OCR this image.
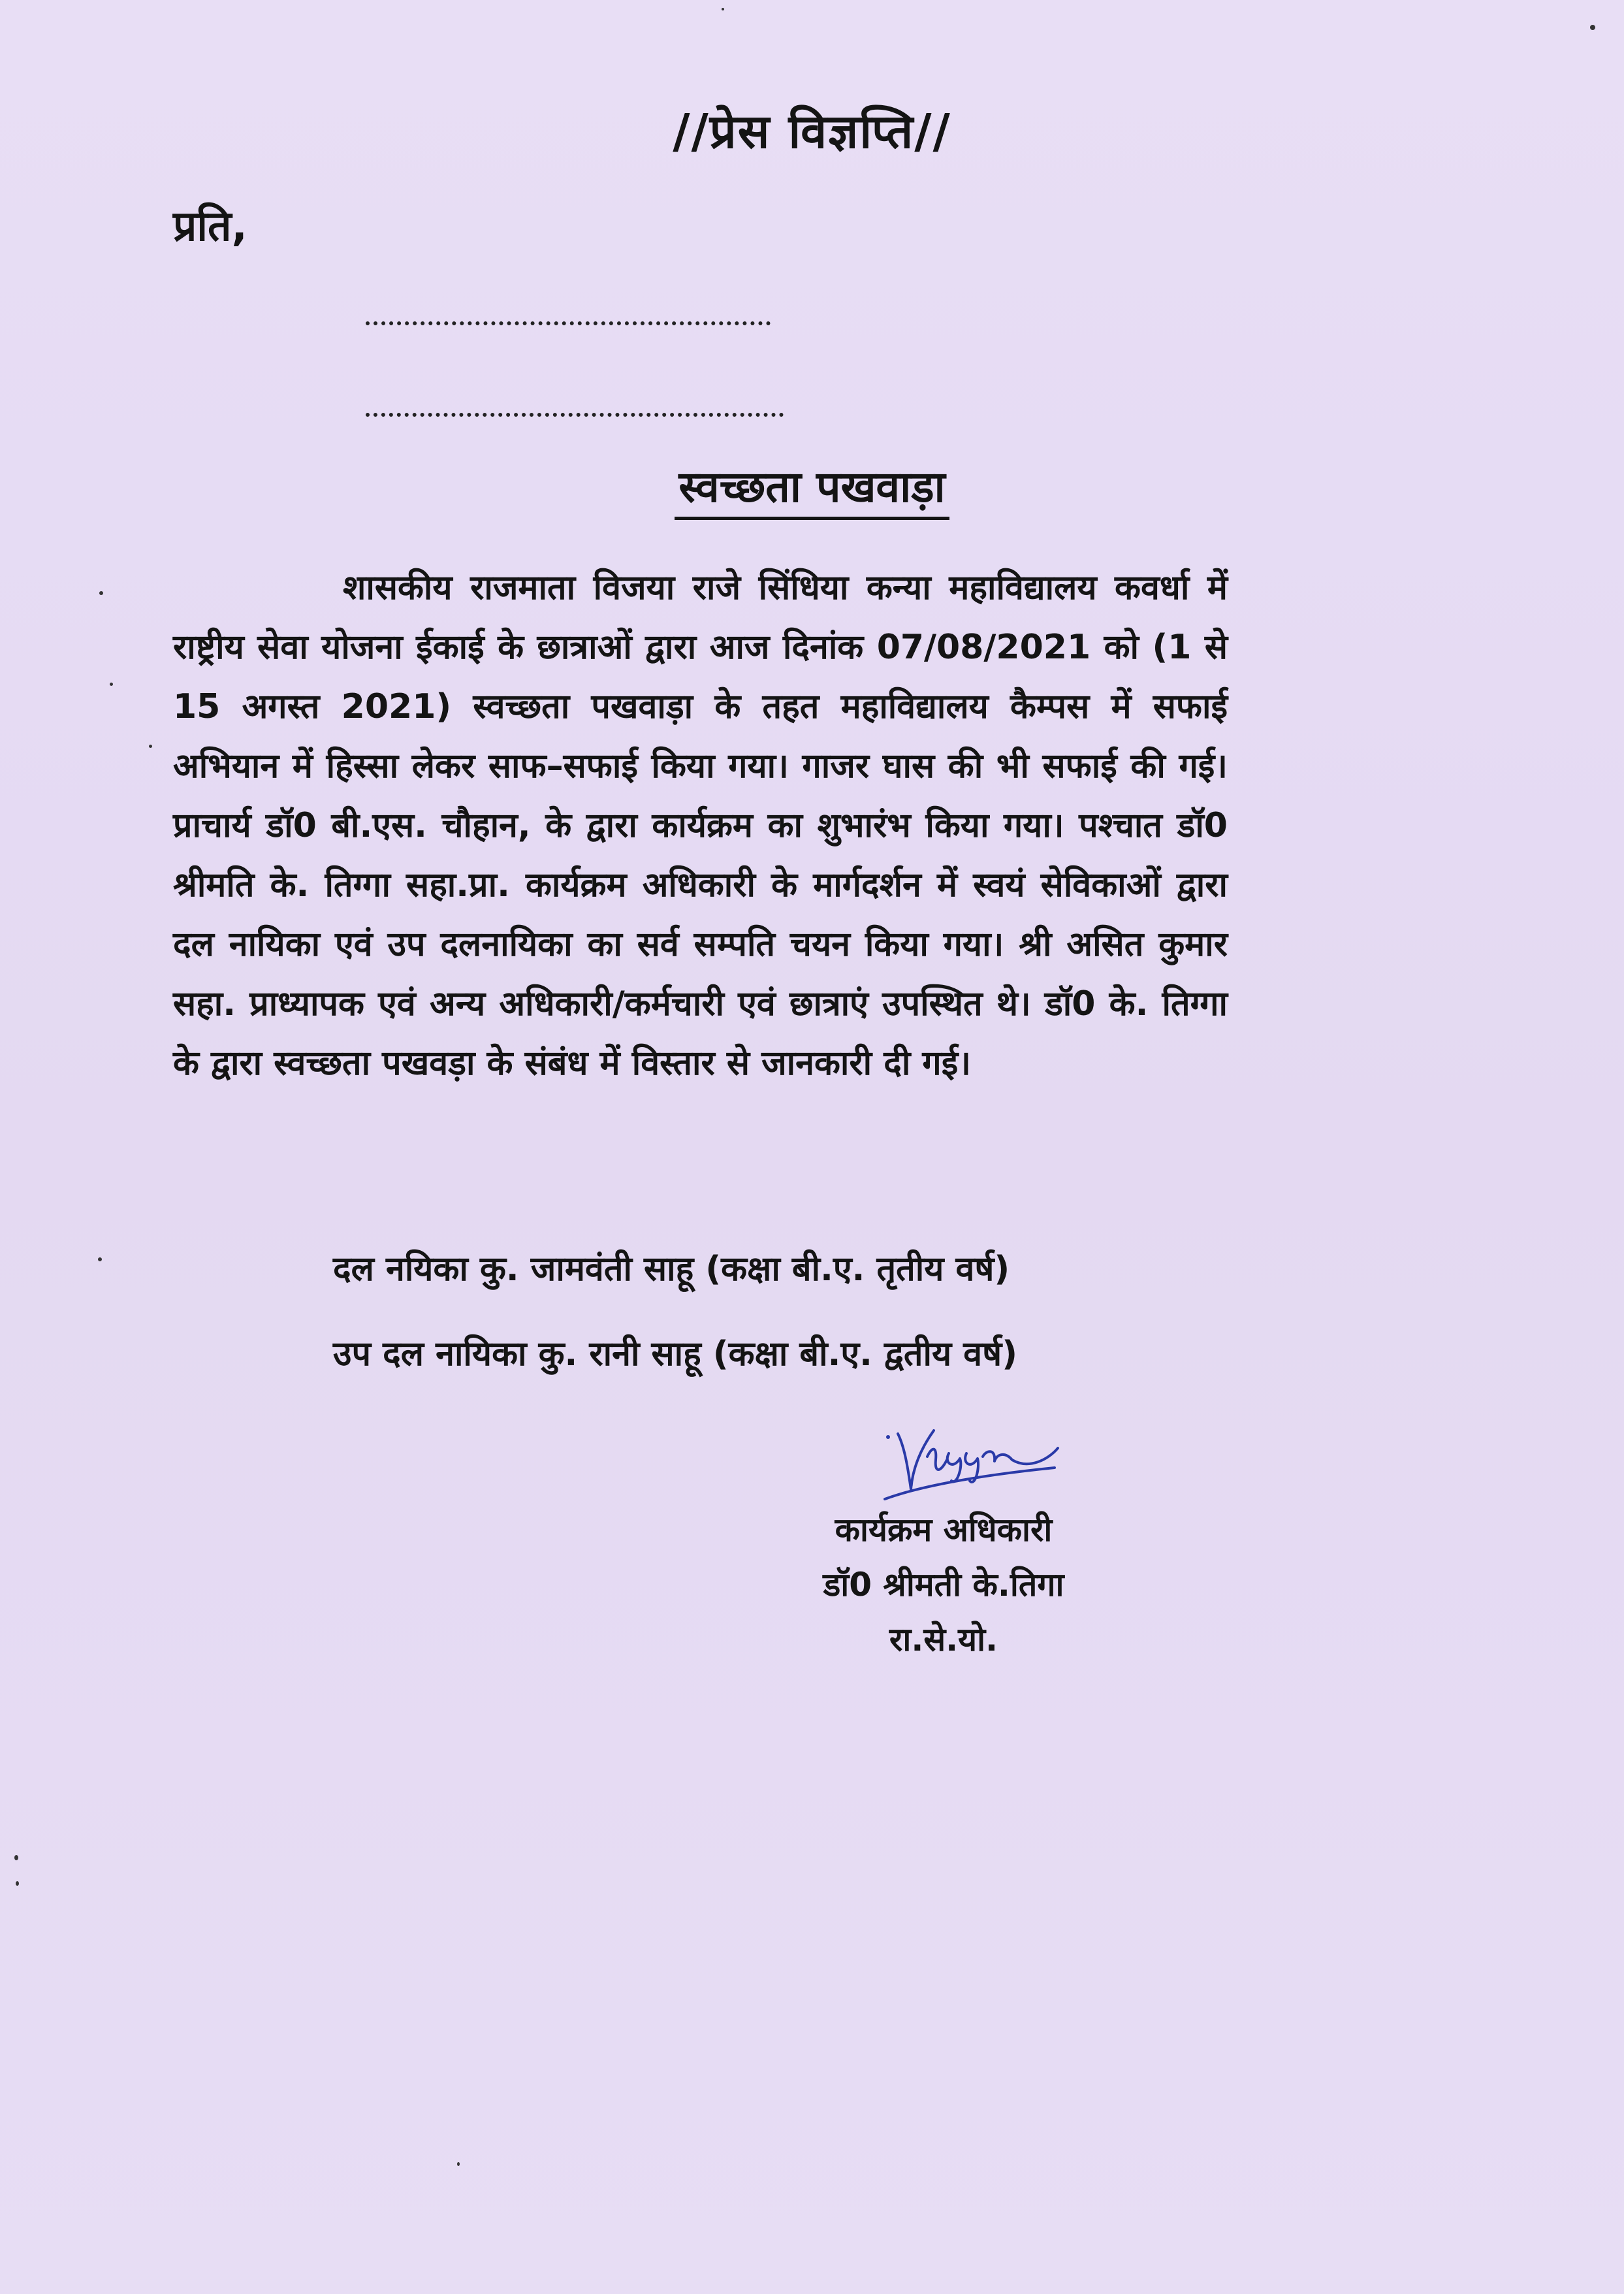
//प्रेस विज्ञप्ति//
प्रति,
स्वच्छता पखवाड़ा
शासकीय राजमाता विजया राजे सिंधिया कन्या महाविद्यालय कवर्धा में राष्ट्रीय सेवा योजना ईकाई के छात्राओं द्वारा आज दिनांक 07/08/2021 को (1 से 15 अगस्त 2021) स्वच्छता पखवाड़ा के तहत महाविद्यालय कैम्पस में सफाई अभियान में हिस्सा लेकर साफ–सफाई किया गया। गाजर घास की भी सफाई की गई। प्राचार्य डॉ0 बी.एस. चौहान, के द्वारा कार्यक्रम का शुभारंभ किया गया। पश्चात डॉ0 श्रीमति के. तिग्गा सहा.प्रा. कार्यक्रम अधिकारी के मार्गदर्शन में स्वयं सेविकाओं द्वारा दल नायिका एवं उप दलनायिका का सर्व सम्पति चयन किया गया। श्री असित कुमार सहा. प्राध्यापक एवं अन्य अधिकारी/कर्मचारी एवं छात्राएं उपस्थित थे। डॉ0 के. तिग्गा के द्वारा स्वच्छता पखवड़ा के संबंध में विस्तार से जानकारी दी गई।
दल नयिका कु. जामवंती साहू (कक्षा बी.ए. तृतीय वर्ष)
उप दल नायिका कु. रानी साहू (कक्षा बी.ए. द्वतीय वर्ष)
कार्यक्रम अधिकारी
डॉ0 श्रीमती के.तिगा
रा.से.यो.
